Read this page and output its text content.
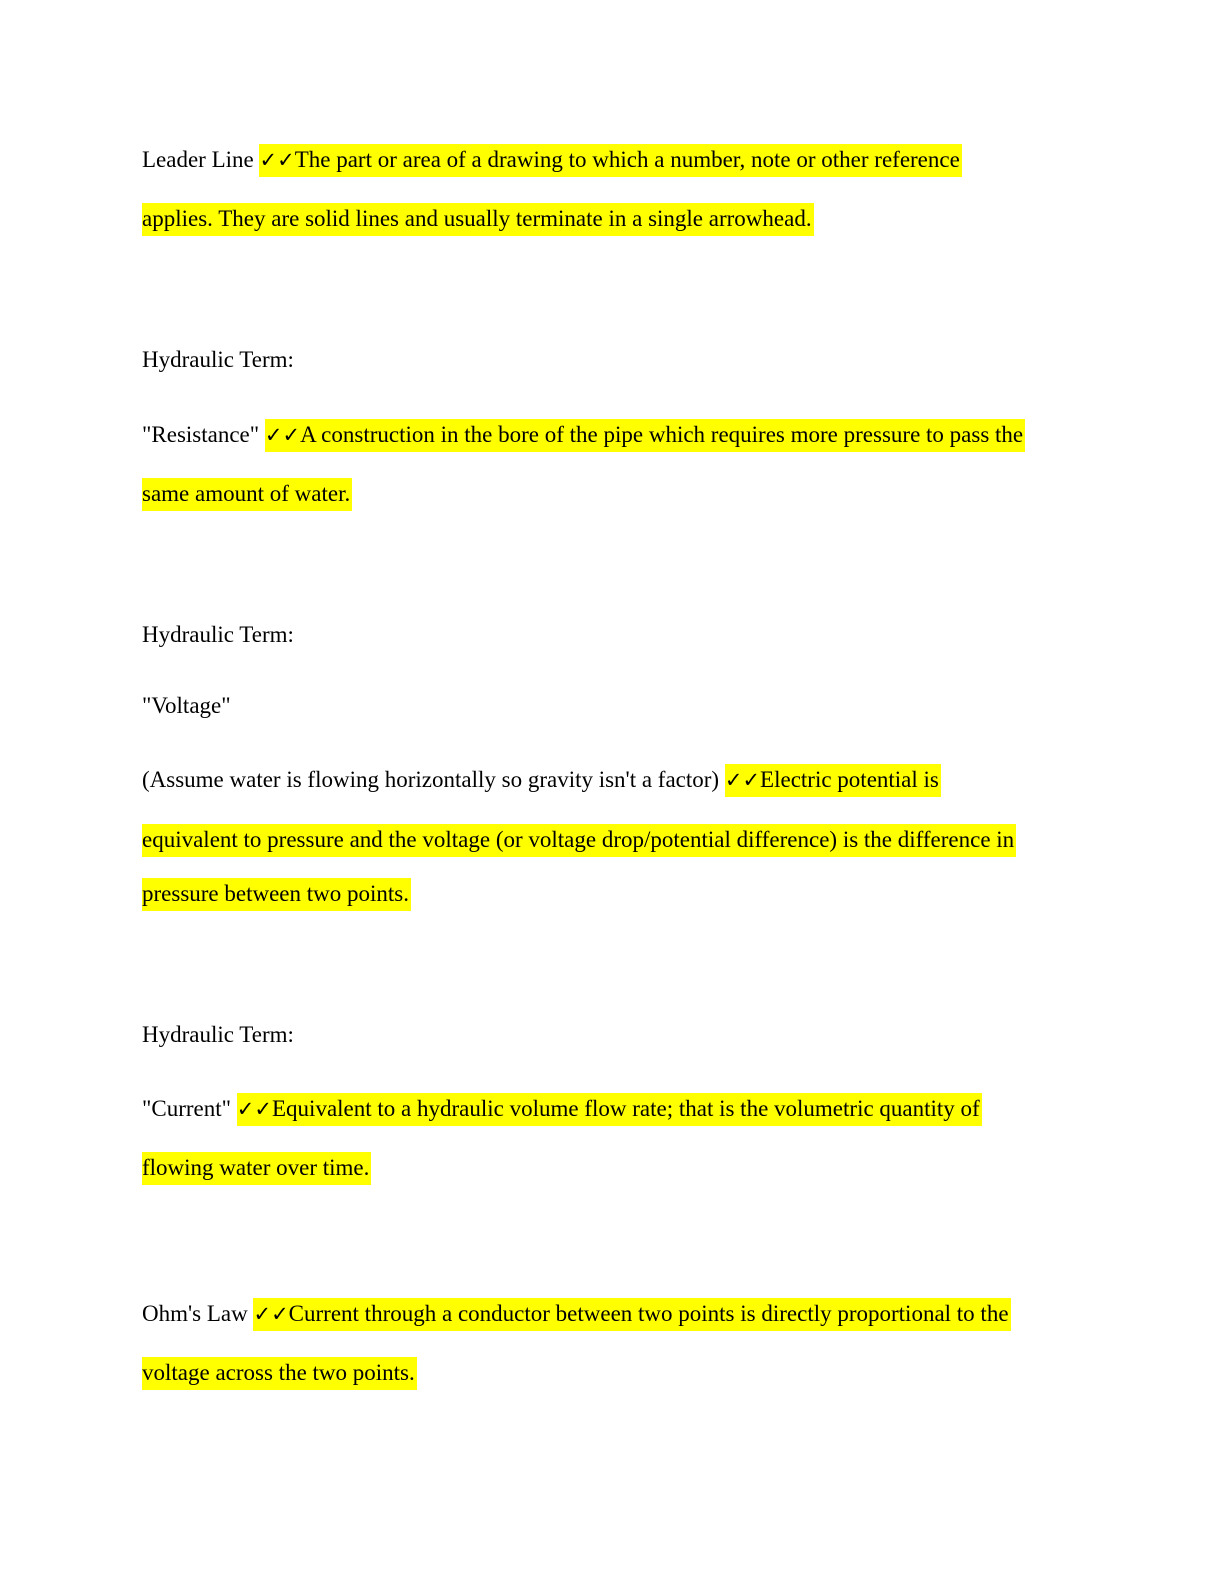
Leader Line ✓✓The part or area of a drawing to which a number, note or other reference
applies. They are solid lines and usually terminate in a single arrowhead.
Hydraulic Term:
"Resistance" ✓✓A construction in the bore of the pipe which requires more pressure to pass the
same amount of water.
Hydraulic Term:
"Voltage"
(Assume water is flowing horizontally so gravity isn't a factor) ✓✓Electric potential is
equivalent to pressure and the voltage (or voltage drop/potential difference) is the difference in
pressure between two points.
Hydraulic Term:
"Current" ✓✓Equivalent to a hydraulic volume flow rate; that is the volumetric quantity of
flowing water over time.
Ohm's Law ✓✓Current through a conductor between two points is directly proportional to the
voltage across the two points.
